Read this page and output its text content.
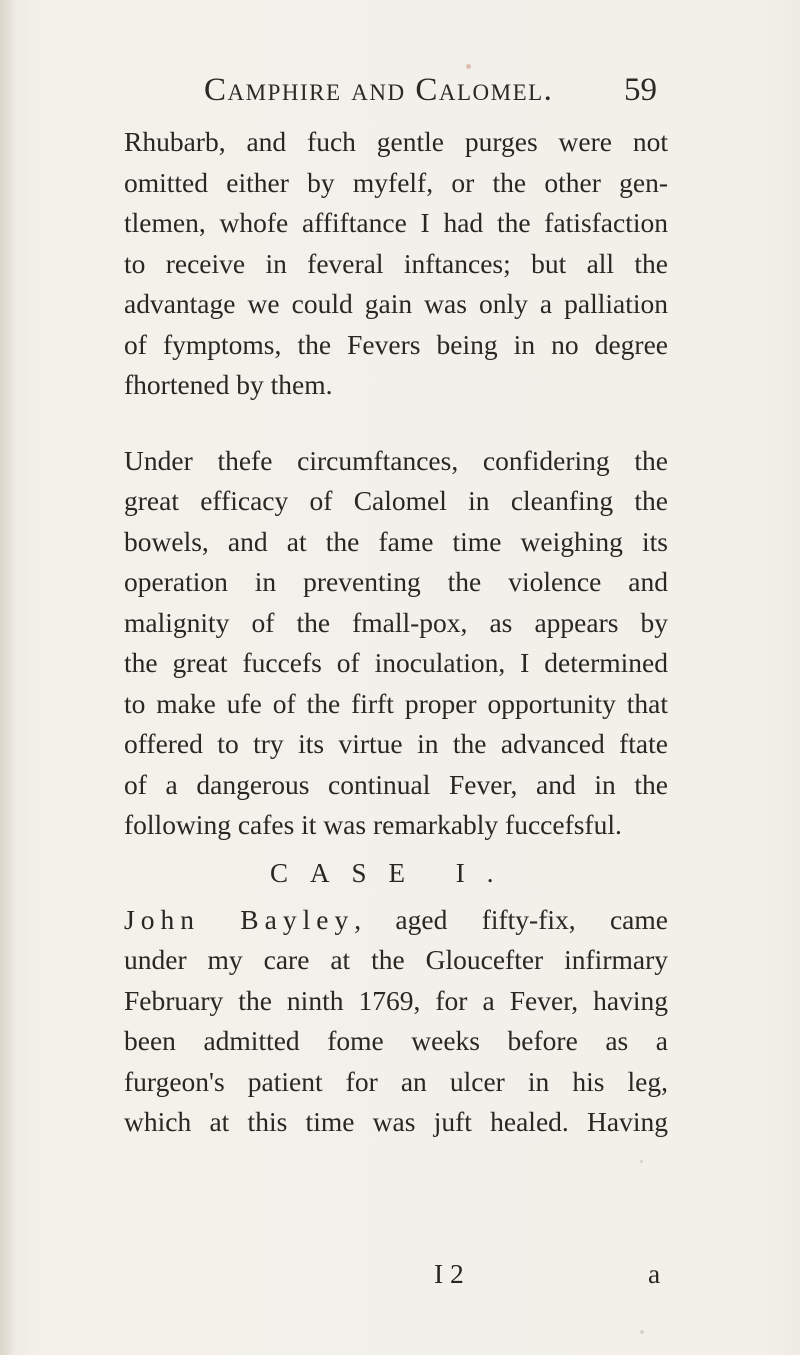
Camphire and Calomel. 59
Rhubarb, and fuch gentle purges were not
omitted either by myfelf, or the other gen-
tlemen, whofe affiftance I had the fatisfaction
to receive in feveral inftances; but all the
advantage we could gain was only a palliation
of fymptoms, the Fevers being in no degree
fhortened by them.
Under thefe circumftances, confidering the
great efficacy of Calomel in cleanfing the
bowels, and at the fame time weighing its
operation in preventing the violence and
malignity of the fmall-pox, as appears by
the great fuccefs of inoculation, I determined
to make ufe of the firft proper opportunity that
offered to try its virtue in the advanced ftate
of a dangerous continual Fever, and in the
following cafes it was remarkably fuccefsful.
CASE I.
John Bayley, aged fifty-fix, came
under my care at the Gloucefter infirmary
February the ninth 1769, for a Fever, having
been admitted fome weeks before as a
furgeon's patient for an ulcer in his leg,
which at this time was juft healed. Having
I 2	a
